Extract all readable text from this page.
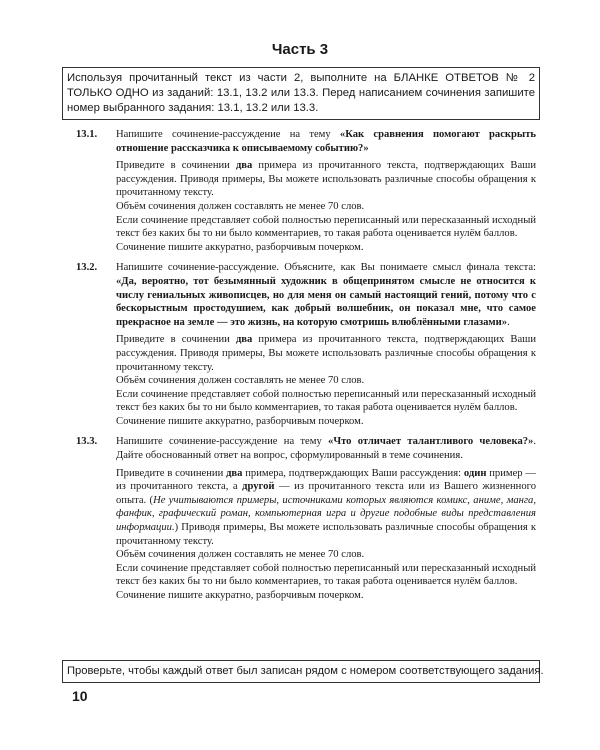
Часть 3
Используя прочитанный текст из части 2, выполните на БЛАНКЕ ОТВЕТОВ № 2 ТОЛЬКО ОДНО из заданий: 13.1, 13.2 или 13.3. Перед написанием сочинения запишите номер выбранного задания: 13.1, 13.2 или 13.3.
13.1. Напишите сочинение-рассуждение на тему «Как сравнения помогают раскрыть отношение рассказчика к описываемому событию?»

Приведите в сочинении два примера из прочитанного текста, подтверждающих Ваши рассуждения. Приводя примеры, Вы можете использовать различные способы обращения к прочитанному тексту.

Объём сочинения должен составлять не менее 70 слов.

Если сочинение представляет собой полностью переписанный или пересказанный исходный текст без каких бы то ни было комментариев, то такая работа оценивается нулём баллов.

Сочинение пишите аккуратно, разборчивым почерком.

13.2. Напишите сочинение-рассуждение. Объясните, как Вы понимаете смысл финала текста: «Да, вероятно, тот безымянный художник в общепринятом смысле не относится к числу гениальных живописцев, но для меня он самый настоящий гений, потому что с бескорыстным простодушием, как добрый волшебник, он показал мне, что самое прекрасное на земле — это жизнь, на которую смотришь влюблёнными глазами».

Приведите в сочинении два примера из прочитанного текста, подтверждающих Ваши рассуждения. Приводя примеры, Вы можете использовать различные способы обращения к прочитанному тексту.

Объём сочинения должен составлять не менее 70 слов.

Если сочинение представляет собой полностью переписанный или пересказанный исходный текст без каких бы то ни было комментариев, то такая работа оценивается нулём баллов.

Сочинение пишите аккуратно, разборчивым почерком.

13.3. Напишите сочинение-рассуждение на тему «Что отличает талантливого человека?». Дайте обоснованный ответ на вопрос, сформулированный в теме сочинения.

Приведите в сочинении два примера, подтверждающих Ваши рассуждения: один пример — из прочитанного текста, а другой — из прочитанного текста или из Вашего жизненного опыта. (Не учитываются примеры, источниками которых являются комикс, аниме, манга, фанфик, графический роман, компьютерная игра и другие подобные виды представления информации.) Приводя примеры, Вы можете использовать различные способы обращения к прочитанному тексту.

Объём сочинения должен составлять не менее 70 слов.

Если сочинение представляет собой полностью переписанный или пересказанный исходный текст без каких бы то ни было комментариев, то такая работа оценивается нулём баллов.

Сочинение пишите аккуратно, разборчивым почерком.

Проверьте, чтобы каждый ответ был записан рядом с номером соответствующего задания.
10
